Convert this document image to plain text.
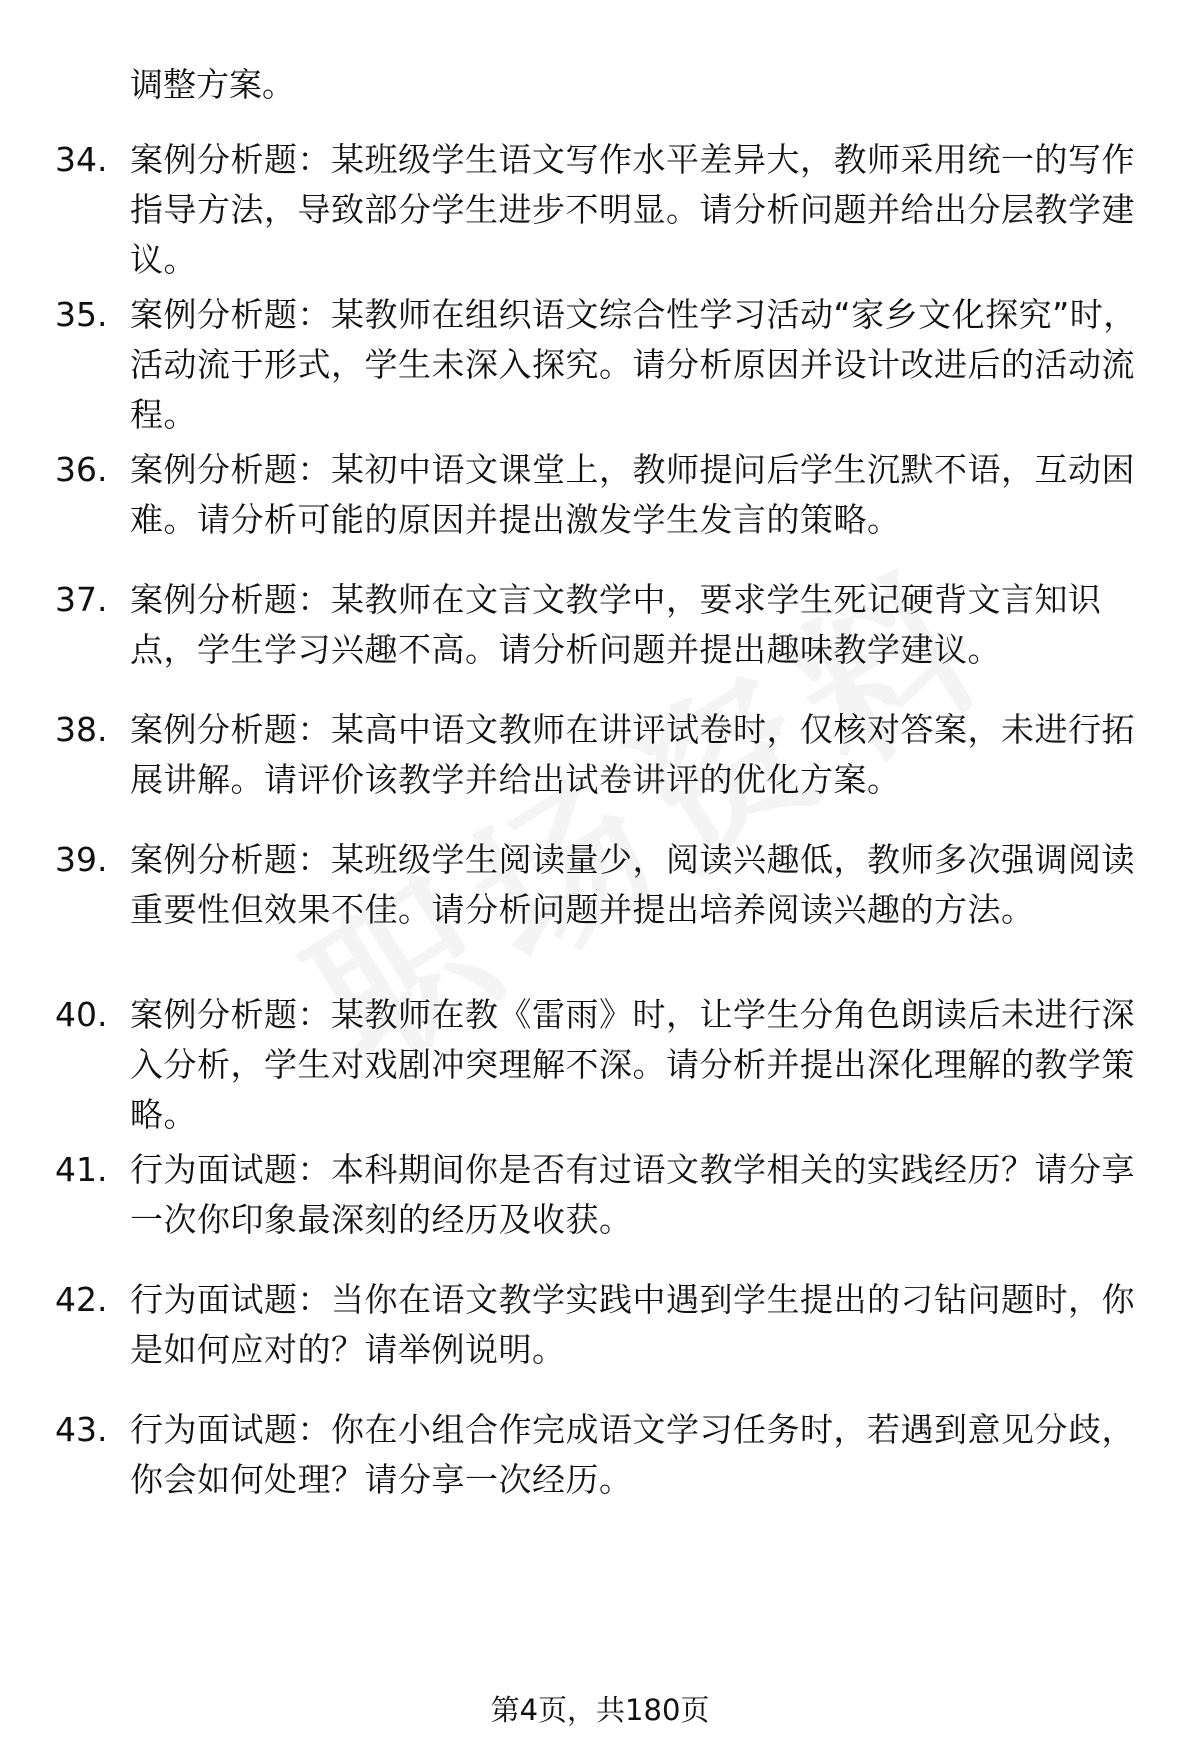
调整方案。
34. 案例分析题：某班级学生语文写作水平差异大，教师采用统一的写作指导方法，导致部分学生进步不明显。请分析问题并给出分层教学建议。
35. 案例分析题：某教师在组织语文综合性学习活动“家乡文化探究”时，活动流于形式，学生未深入探究。请分析原因并设计改进后的活动流程。
36. 案例分析题：某初中语文课堂上，教师提问后学生沉默不语，互动困难。请分析可能的原因并提出激发学生发言的策略。
37. 案例分析题：某教师在文言文教学中，要求学生死记硬背文言知识点，学生学习兴趣不高。请分析问题并提出趣味教学建议。
38. 案例分析题：某高中语文教师在讲评试卷时，仅核对答案，未进行拓展讲解。请评价该教学并给出试卷讲评的优化方案。
39. 案例分析题：某班级学生阅读量少，阅读兴趣低，教师多次强调阅读重要性但效果不佳。请分析问题并提出培养阅读兴趣的方法。
40. 案例分析题：某教师在教《雷雨》时，让学生分角色朗读后未进行深入分析，学生对戏剧冲突理解不深。请分析并提出深化理解的教学策略。
41. 行为面试题：本科期间你是否有过语文教学相关的实践经历？请分享一次你印象最深刻的经历及收获。
42. 行为面试题：当你在语文教学实践中遇到学生提出的刁钻问题时，你是如何应对的？请举例说明。
43. 行为面试题：你在小组合作完成语文学习任务时，若遇到意见分歧，你会如何处理？请分享一次经历。
第4页，共180页
